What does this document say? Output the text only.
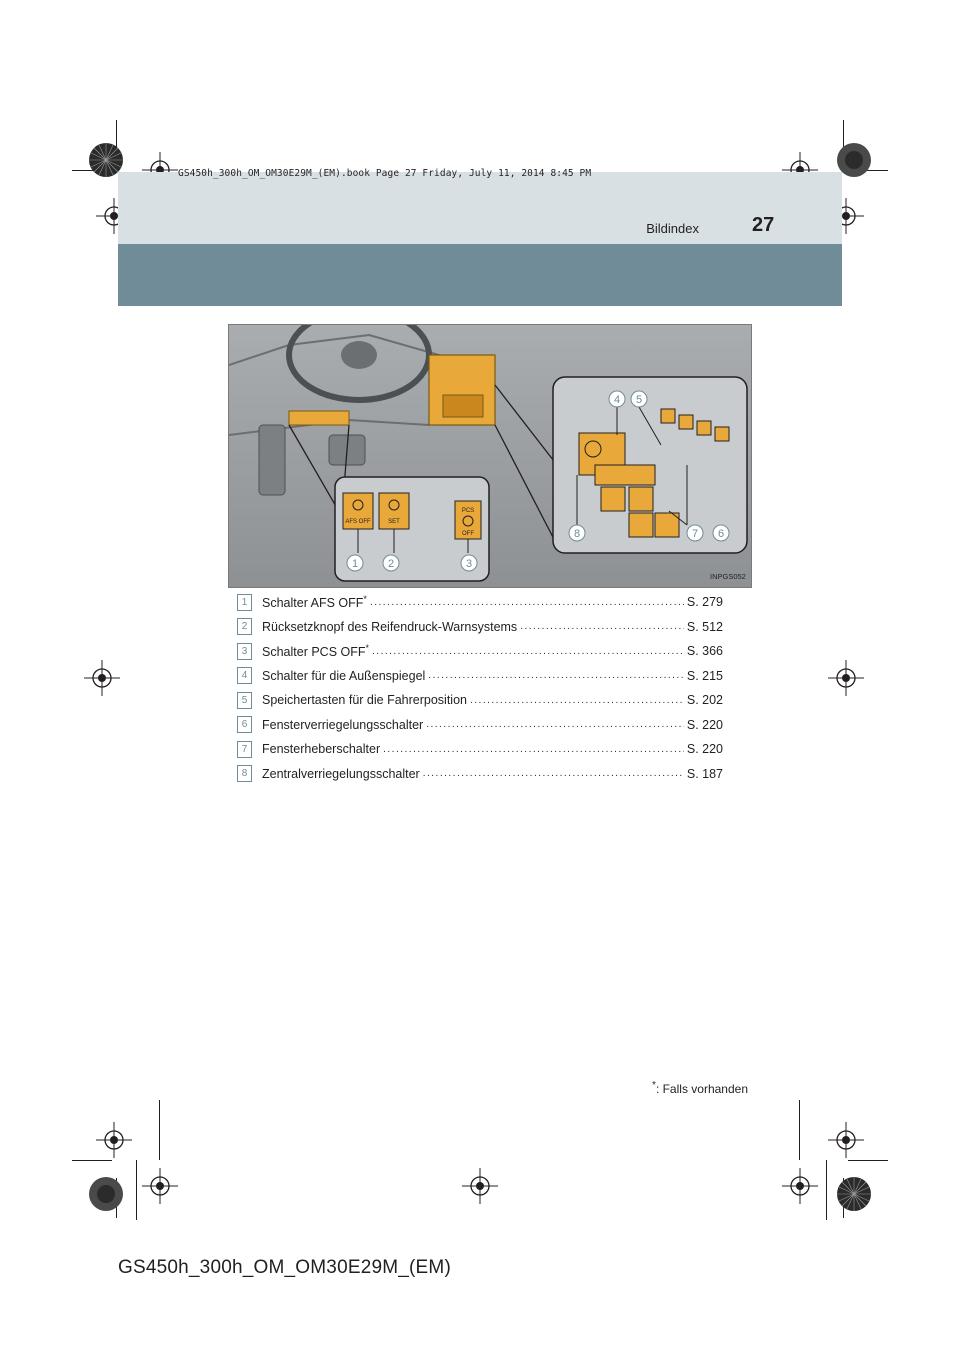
GS450h_300h_OM_OM30E29M_(EM).book Page 27 Friday, July 11, 2014 8:45 PM
Bildindex	27
AFS OFF	SET
PCS
OFF
1	2	3
4 5
6
7
8
INPGS052
1	Schalter AFS OFF* .....	S. 279
2	Rücksetzknopf des Reifendruck-Warnsystems .....	S. 512
3	Schalter PCS OFF* .....	S. 366
4	Schalter für die Außenspiegel .....	S. 215
5	Speichertasten für die Fahrerposition .....	S. 202
6	Fensterverriegelungsschalter .....	S. 220
7	Fensterheberschalter .....	S. 220
8	Zentralverriegelungsschalter .....	S. 187
*: Falls vorhanden
GS450h_300h_OM_OM30E29M_(EM)
